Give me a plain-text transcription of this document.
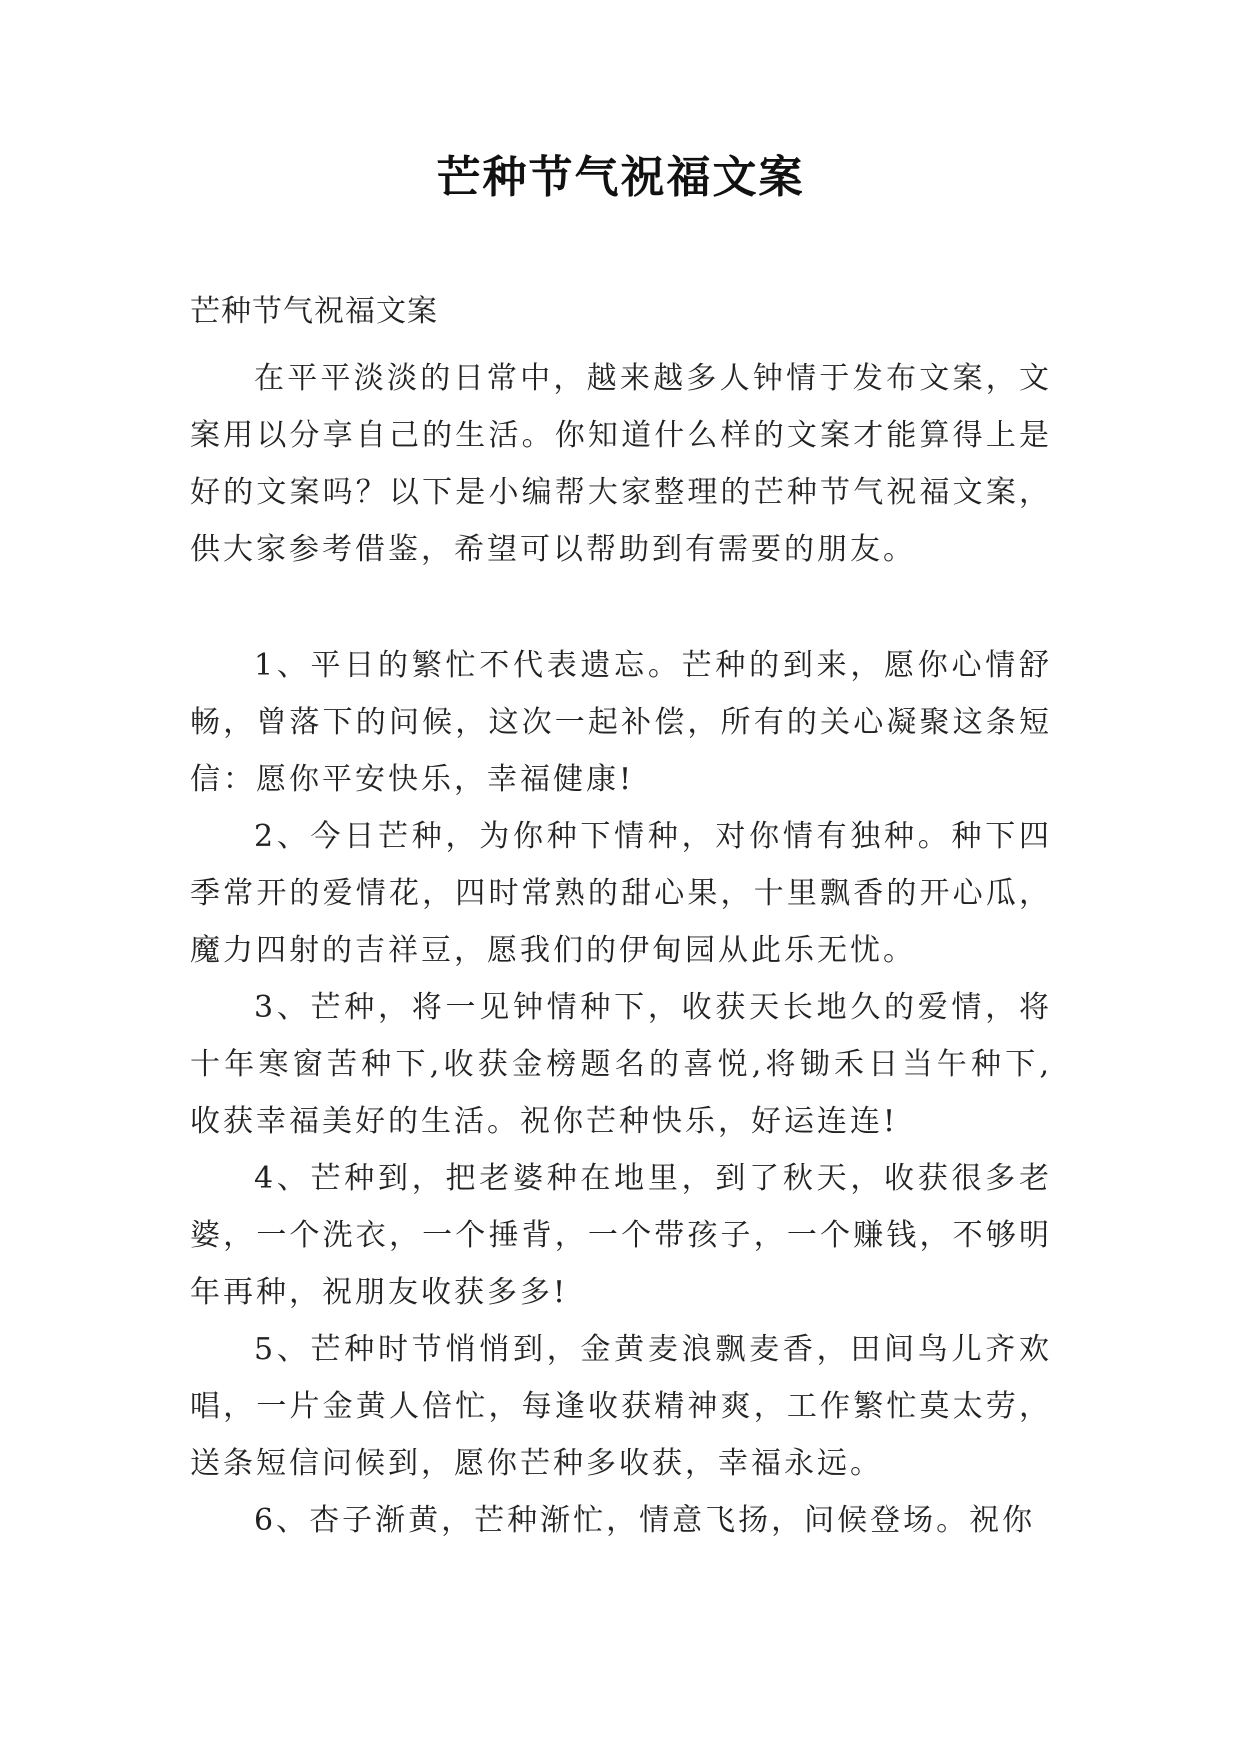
芒种节气祝福文案
芒种节气祝福文案

在平平淡淡的日常中，越来越多人钟情于发布文案，文案用以分享自己的生活。你知道什么样的文案才能算得上是好的文案吗？以下是小编帮大家整理的芒种节气祝福文案，供大家参考借鉴，希望可以帮助到有需要的朋友。

1、平日的繁忙不代表遗忘。芒种的到来，愿你心情舒畅，曾落下的问候，这次一起补偿，所有的关心凝聚这条短信：愿你平安快乐，幸福健康!

2、今日芒种，为你种下情种，对你情有独种。种下四季常开的爱情花，四时常熟的甜心果，十里飘香的开心瓜，魔力四射的吉祥豆，愿我们的伊甸园从此乐无忧。

3、芒种，将一见钟情种下，收获天长地久的爱情，将十年寒窗苦种下,收获金榜题名的喜悦,将锄禾日当午种下,收获幸福美好的生活。祝你芒种快乐，好运连连!

4、芒种到，把老婆种在地里，到了秋天，收获很多老婆，一个洗衣，一个捶背，一个带孩子，一个赚钱，不够明年再种，祝朋友收获多多!

5、芒种时节悄悄到，金黄麦浪飘麦香，田间鸟儿齐欢唱，一片金黄人倍忙，每逢收获精神爽，工作繁忙莫太劳，送条短信问候到，愿你芒种多收获，幸福永远。

6、杏子渐黄，芒种渐忙，情意飞扬，问候登场。祝你
